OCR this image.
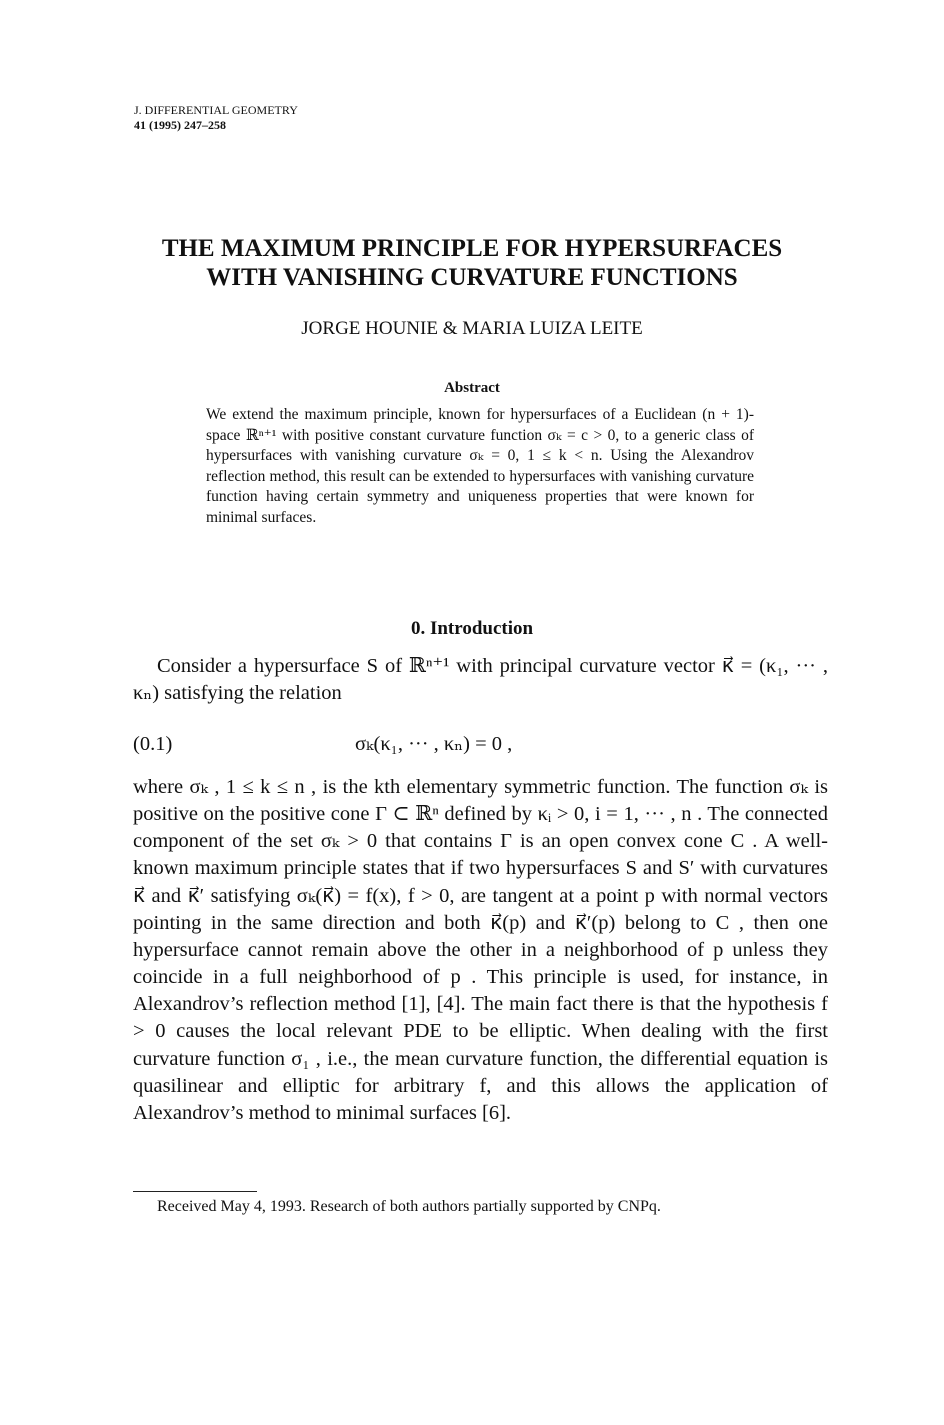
J. DIFFERENTIAL GEOMETRY
41 (1995) 247–258
THE MAXIMUM PRINCIPLE FOR HYPERSURFACES
WITH VANISHING CURVATURE FUNCTIONS
JORGE HOUNIE & MARIA LUIZA LEITE
Abstract
We extend the maximum principle, known for hypersurfaces of a Euclidean (n + 1)-space ℝⁿ⁺¹ with positive constant curvature function σₖ = c > 0, to a generic class of hypersurfaces with vanishing curvature σₖ = 0, 1 ≤ k < n. Using the Alexandrov reflection method, this result can be extended to hypersurfaces with vanishing curvature function having certain symmetry and uniqueness properties that were known for minimal surfaces.
0. Introduction
Consider a hypersurface S of ℝⁿ⁺¹ with principal curvature vector κ⃗ = (κ₁, ··· , κₙ) satisfying the relation
(0.1)	σₖ(κ₁, ··· , κₙ) = 0 ,
where σₖ , 1 ≤ k ≤ n , is the kth elementary symmetric function. The function σₖ is positive on the positive cone Γ ⊂ ℝⁿ defined by κᵢ > 0, i = 1, ··· , n . The connected component of the set σₖ > 0 that contains Γ is an open convex cone C . A well-known maximum principle states that if two hypersurfaces S and S′ with curvatures κ⃗ and κ⃗′ satisfying σₖ(κ⃗) = f(x), f > 0, are tangent at a point p with normal vectors pointing in the same direction and both κ⃗(p) and κ⃗′(p) belong to C , then one hypersurface cannot remain above the other in a neighborhood of p unless they coincide in a full neighborhood of p . This principle is used, for instance, in Alexandrov’s reflection method [1], [4]. The main fact there is that the hypothesis f > 0 causes the local relevant PDE to be elliptic. When dealing with the first curvature function σ₁ , i.e., the mean curvature function, the differential equation is quasilinear and elliptic for arbitrary f, and this allows the application of Alexandrov’s method to minimal surfaces [6].
Received May 4, 1993. Research of both authors partially supported by CNPq.
